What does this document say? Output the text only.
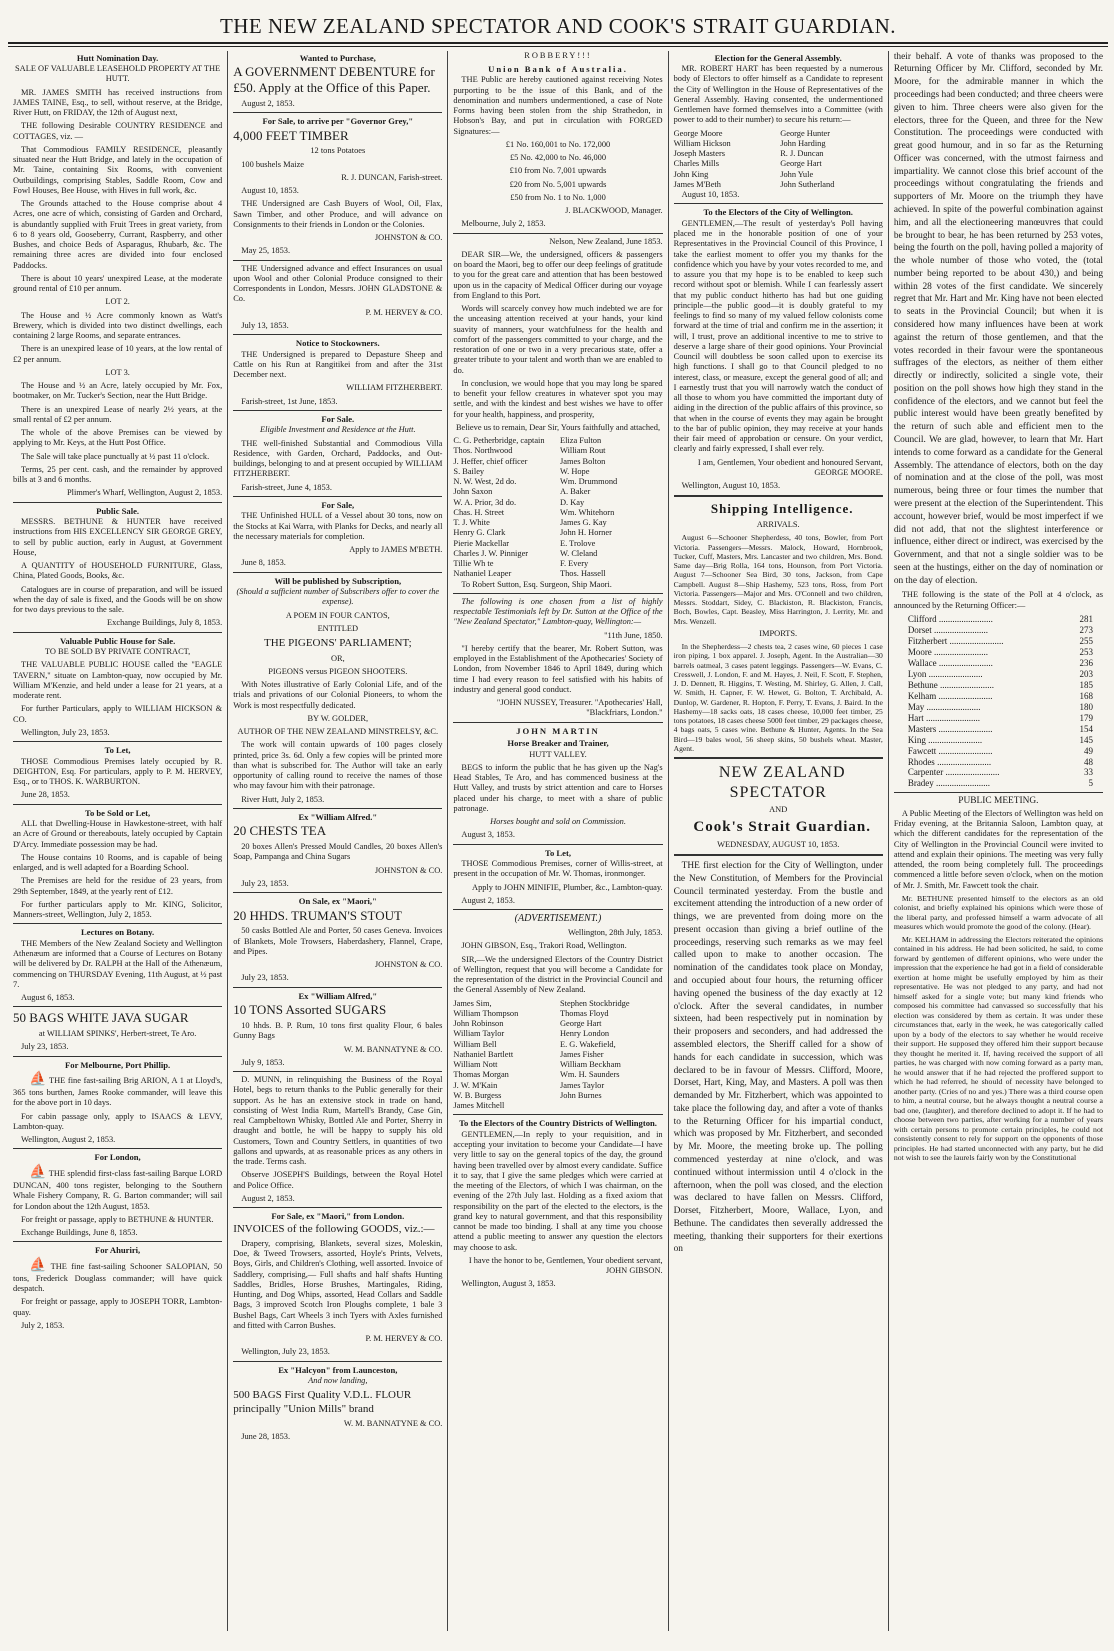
THE NEW ZEALAND SPECTATOR AND COOK'S STRAIT GUARDIAN.
Hutt Nomination Day.

SALE OF VALUABLE LEASEHOLD PROPERTY AT THE HUTT.

MR. JAMES SMITH has received instructions from JAMES TAINE, Esq., to sell, without reserve, at the Bridge, River Hutt, on FRIDAY, the 12th of August next,

THE following Desirable COUNTRY RESIDENCE and COTTAGES, viz. —

That Commodious FAMILY RESIDENCE, pleasantly situated near the Hutt Bridge, and lately in the occupation of Mr. Taine, containing Six Rooms, with convenient Outbuildings, comprising Stables, Saddle Room, Cow and Fowl Houses, Bee House, with Hives in full work, &c.

The Grounds attached to the House comprise about 4 Acres, one acre of which, consisting of Garden and Orchard, is abundantly supplied with Fruit Trees in great variety, from 6 to 8 years old, Gooseberry, Currant, Raspberry, and other Bushes, and choice Beds of Asparagus, Rhubarb, &c. The remaining three acres are divided into four enclosed Paddocks.

There is about 10 years' unexpired Lease, at the moderate ground rental of £10 per annum.

LOT 2.

The House and ½ Acre commonly known as Watt's Brewery, which is divided into two distinct dwellings, each containing 2 large Rooms, and separate entrances.

There is an unexpired lease of 10 years, at the low rental of £2 per annum.

LOT 3.

The House and ½ an Acre, lately occupied by Mr. Fox, bootmaker, on Mr. Tucker's Section, near the Hutt Bridge.

There is an unexpired Lease of nearly 2½ years, at the small rental of £2 per annum.

The whole of the above Premises can be viewed by applying to Mr. Keys, at the Hutt Post Office.

The Sale will take place punctually at ½ past 11 o'clock.

Terms, 25 per cent. cash, and the remainder by approved bills at 3 and 6 months.

Plimmer's Wharf, Wellington, August 2, 1853.

Public Sale.

MESSRS. BETHUNE & HUNTER have received instructions from HIS EXCELLENCY SIR GEORGE GREY, to sell by public auction, early in August, at Government House,

A QUANTITY of HOUSEHOLD FURNITURE, Glass, China, Plated Goods, Books, &c.

Catalogues are in course of preparation, and will be issued when the day of sale is fixed, and the Goods will be on show for two days previous to the sale.

Exchange Buildings, July 8, 1853.

Valuable Public House for Sale.

TO BE SOLD BY PRIVATE CONTRACT,

THE VALUABLE PUBLIC HOUSE called the "EAGLE TAVERN," situate on Lambton-quay, now occupied by Mr. William M'Kenzie, and held under a lease for 21 years, at a moderate rent.

For further Particulars, apply to WILLIAM HICKSON & CO.

Wellington, July 23, 1853.

To Let,

THOSE Commodious Premises lately occupied by R. DEIGHTON, Esq. For particulars, apply to P. M. HERVEY, Esq., or to THOS. K. WARBURTON.

June 28, 1853.

To be Sold or Let,

ALL that Dwelling-House in Hawkestone-street, with half an Acre of Ground or thereabouts, lately occupied by Captain D'Arcy. Immediate possession may be had.

The House contains 10 Rooms, and is capable of being enlarged, and is well adapted for a Boarding School.

The Premises are held for the residue of 23 years, from 29th September, 1849, at the yearly rent of £12.

For further particulars apply to Mr. KING, Solicitor, Manners-street, Wellington, July 2, 1853.

Lectures on Botany.

THE Members of the New Zealand Society and Wellington Athenæum are informed that a Course of Lectures on Botany will be delivered by Dr. RALPH at the Hall of the Athenæum, commencing on THURSDAY Evening, 11th August, at ½ past 7.

August 6, 1853.

50 BAGS WHITE JAVA SUGAR

at WILLIAM SPINKS', Herbert-street, Te Aro.

July 23, 1853.

For Melbourne, Port Phillip.

⛵ THE fine fast-sailing Brig ARION, A 1 at Lloyd's, 365 tons burthen, James Rooke commander, will leave this for the above port in 10 days.

For cabin passage only, apply to ISAACS & LEVY, Lambton-quay.

Wellington, August 2, 1853.

For London,

⛵ THE splendid first-class fast-sailing Barque LORD DUNCAN, 400 tons register, belonging to the Southern Whale Fishery Company, R. G. Barton commander; will sail for London about the 12th August, 1853.

For freight or passage, apply to BETHUNE & HUNTER.

Exchange Buildings, June 8, 1853.

For Ahuriri,

⛵ THE fine fast-sailing Schooner SALOPIAN, 50 tons, Frederick Douglass commander; will have quick despatch.

For freight or passage, apply to JOSEPH TORR, Lambton-quay.

July 2, 1853.

Wanted to Purchase,

A GOVERNMENT DEBENTURE for £50. Apply at the Office of this Paper.

August 2, 1853.

For Sale, to arrive per "Governor Grey,"

4,000 FEET TIMBER

12 tons Potatoes

100 bushels Maize

R. J. DUNCAN, Farish-street.

August 10, 1853.

THE Undersigned are Cash Buyers of Wool, Oil, Flax, Sawn Timber, and other Produce, and will advance on Consignments to their friends in London or the Colonies.

JOHNSTON & CO.

May 25, 1853.

THE Undersigned advance and effect Insurances on usual upon Wool and other Colonial Produce consigned to their Correspondents in London, Messrs. JOHN GLADSTONE & Co.

P. M. HERVEY & CO.

July 13, 1853.

Notice to Stockowners.

THE Undersigned is prepared to Depasture Sheep and Cattle on his Run at Rangitikei from and after the 31st December next.

WILLIAM FITZHERBERT.

Farish-street, 1st June, 1853.

For Sale.

Eligible Investment and Residence at the Hutt.

THE well-finished Substantial and Commodious Villa Residence, with Garden, Orchard, Paddocks, and Out-buildings, belonging to and at present occupied by WILLIAM FITZHERBERT.

Farish-street, June 4, 1853.

For Sale,

THE Unfinished HULL of a Vessel about 30 tons, now on the Stocks at Kai Warra, with Planks for Decks, and nearly all the necessary materials for completion.

Apply to JAMES M'BETH.

June 8, 1853.

Will be published by Subscription,

(Should a sufficient number of Subscribers offer to cover the expense).

A POEM IN FOUR CANTOS,

ENTITLED

THE PIGEONS' PARLIAMENT;

OR,

PIGEONS versus PIGEON SHOOTERS.

With Notes illustrative of Early Colonial Life, and of the trials and privations of our Colonial Pioneers, to whom the Work is most respectfully dedicated.

BY W. GOLDER,

AUTHOR OF THE NEW ZEALAND MINSTRELSY, &C.

The work will contain upwards of 100 pages closely printed, price 3s. 6d. Only a few copies will be printed more than what is subscribed for. The Author will take an early opportunity of calling round to receive the names of those who may favour him with their patronage.

River Hutt, July 2, 1853.

Ex "William Alfred."

20 CHESTS TEA

20 boxes Allen's Pressed Mould Candles, 20 boxes Allen's Soap, Pampanga and China Sugars

JOHNSTON & CO.

July 23, 1853.

On Sale, ex "Maori,"

20 HHDS. TRUMAN'S STOUT

50 casks Bottled Ale and Porter, 50 cases Geneva. Invoices of Blankets, Mole Trowsers, Haberdashery, Flannel, Crape, and Pipes.

JOHNSTON & CO.

July 23, 1853.

Ex "William Alfred,"

10 TONS Assorted SUGARS

10 hhds. B. P. Rum, 10 tons first quality Flour, 6 bales Gunny Bags

W. M. BANNATYNE & CO.

July 9, 1853.

D. MUNN, in relinquishing the Business of the Royal Hotel, begs to return thanks to the Public generally for their support. As he has an extensive stock in trade on hand, consisting of West India Rum, Martell's Brandy, Case Gin, real Campbeltown Whisky, Bottled Ale and Porter, Sherry in draught and bottle, he will be happy to supply his old Customers, Town and Country Settlers, in quantities of two gallons and upwards, at as reasonable prices as any others in the trade. Terms cash.

Observe JOSEPH'S Buildings, between the Royal Hotel and Police Office.

August 2, 1853.

For Sale, ex "Maori," from London.

INVOICES of the following GOODS, viz.:—

Drapery, comprising, Blankets, several sizes, Moleskin, Doe, & Tweed Trowsers, assorted, Hoyle's Prints, Velvets, Boys, Girls, and Children's Clothing, well assorted. Invoice of Saddlery, comprising,— Full shafts and half shafts Hunting Saddles, Bridles, Horse Brushes, Martingales, Riding, Hunting, and Dog Whips, assorted, Head Collars and Saddle Bags, 3 improved Scotch Iron Ploughs complete, 1 bale 3 Bushel Bags, Cart Wheels 3 inch Tyers with Axles furnished and fitted with Carron Bushes.

P. M. HERVEY & CO.

Wellington, July 23, 1853.

Ex "Halcyon" from Launceston,

And now landing,

500 BAGS First Quality V.D.L. FLOUR principally "Union Mills" brand

W. M. BANNATYNE & CO.

June 28, 1853.

ROBBERY!!!

Union Bank of Australia.

THE Public are hereby cautioned against receiving Notes purporting to be the issue of this Bank, and of the denomination and numbers undermentioned, a case of Note Forms having been stolen from the ship Strathedon, in Hobson's Bay, and put in circulation with FORGED Signatures:—

£1 No. 160,001 to No. 172,000

£5 No. 42,000 to No. 46,000

£10 from No. 7,001 upwards

£20 from No. 5,001 upwards

£50 from No. 1 to No. 1,000

J. BLACKWOOD, Manager.

Melbourne, July 2, 1853.

Nelson, New Zealand, June 1853.

DEAR SIR—We, the undersigned, officers & passengers on board the Maori, beg to offer our deep feelings of gratitude to you for the great care and attention that has been bestowed upon us in the capacity of Medical Officer during our voyage from England to this Port.

Words will scarcely convey how much indebted we are for the unceasing attention received at your hands, your kind suavity of manners, your watchfulness for the health and comfort of the passengers committed to your charge, and the restoration of one or two in a very precarious state, offer a greater tribute to your talent and worth than we are enabled to do.

In conclusion, we would hope that you may long be spared to benefit your fellow creatures in whatever spot you may settle, and with the kindest and best wishes we have to offer for your health, happiness, and prosperity,

Believe us to remain, Dear Sir, Yours faithfully and attached,

C. G. Petherbridge, captain
Thos. Northwood
J. Heffer, chief officer
S. Bailey
N. W. West, 2d do.
John Saxon
W. A. Prior, 3d do.
Chas. H. Street
T. J. White
Henry G. Clark
Pierie Mackellar
Charles J. W. Pinniger
Tillie Wh te
Nathaniel Leaper
Eliza Fulton
William Rout
James Bolton
W. Hope
Wm. Drummond
A. Baker
D. Kay
Wm. Whitehorn
James G. Kay
John H. Horner
E. Trolove
W. Cleland
F. Every
Thos. Hassell

To Robert Sutton, Esq. Surgeon, Ship Maori.

The following is one chosen from a list of highly respectable Testimonials left by Dr. Sutton at the Office of the "New Zealand Spectator," Lambton-quay, Wellington:—

"11th June, 1850.

"I hereby certify that the bearer, Mr. Robert Sutton, was employed in the Establishment of the Apothecaries' Society of London, from November 1846 to April 1849, during which time I had every reason to feel satisfied with his habits of industry and general good conduct.

"JOHN NUSSEY, Treasurer. "Apothecaries' Hall, "Blackfriars, London."

JOHN MARTIN
Horse Breaker and Trainer,

HUTT VALLEY.

BEGS to inform the public that he has given up the Nag's Head Stables, Te Aro, and has commenced business at the Hutt Valley, and trusts by strict attention and care to Horses placed under his charge, to meet with a share of public patronage.

Horses bought and sold on Commission.

August 3, 1853.

To Let,

THOSE Commodious Premises, corner of Willis-street, at present in the occupation of Mr. W. Thomas, ironmonger.

Apply to JOHN MINIFIE, Plumber, &c., Lambton-quay.

August 2, 1853.

(ADVERTISEMENT.)

Wellington, 28th July, 1853.

JOHN GIBSON, Esq., Trakori Road, Wellington.

SIR,—We the undersigned Electors of the Country District of Wellington, request that you will become a Candidate for the representation of the district in the Provincial Council and the General Assembly of New Zealand.

James Sim,
William Thompson
John Robinson
William Taylor
William Bell
Nathaniel Bartlett
William Nott
Thomas Morgan
J. W. M'Kain
W. B. Burgess
James Mitchell
Stephen Stockbridge
Thomas Floyd
George Hart
Henry London
E. G. Wakefield,
James Fisher
William Beckham
Wm. H. Saunders
James Taylor
John Burnes

To the Electors of the Country Districts of Wellington.

GENTLEMEN,—In reply to your requisition, and in accepting your invitation to become your Candidate—I have very little to say on the general topics of the day, the ground having been travelled over by almost every candidate. Suffice it to say, that I give the same pledges which were carried at the meeting of the Electors, of which I was chairman, on the evening of the 27th July last. Holding as a fixed axiom that responsibility on the part of the elected to the electors, is the grand key to natural government, and that this responsibility cannot be made too binding. I shall at any time you choose attend a public meeting to answer any question the electors may choose to ask.

I have the honor to be, Gentlemen, Your obedient servant, JOHN GIBSON.

Wellington, August 3, 1853.

Election for the General Assembly.

MR. ROBERT HART has been requested by a numerous body of Electors to offer himself as a Candidate to represent the City of Wellington in the House of Representatives of the General Assembly. Having consented, the undermentioned Gentlemen have formed themselves into a Committee (with power to add to their number) to secure his return:—

George Moore
William Hickson
Joseph Masters
Charles Mills
John King
James M'Beth
George Hunter
John Harding
R. J. Duncan
George Hart
John Yule
John Sutherland

August 10, 1853.

To the Electors of the City of Wellington.

GENTLEMEN,—The result of yesterday's Poll having placed me in the honorable position of one of your Representatives in the Provincial Council of this Province, I take the earliest moment to offer you my thanks for the confidence which you have by your votes recorded to me, and to assure you that my hope is to be enabled to keep such record without spot or blemish. While I can fearlessly assert that my public conduct hitherto has had but one guiding principle—the public good—it is doubly grateful to my feelings to find so many of my valued fellow colonists come forward at the time of trial and confirm me in the assertion; it will, I trust, prove an additional incentive to me to strive to deserve a large share of their good opinions. Your Provincial Council will doubtless be soon called upon to exercise its high functions. I shall go to that Council pledged to no interest, class, or measure, except the general good of all; and I earnestly trust that you will narrowly watch the conduct of all those to whom you have committed the important duty of aiding in the direction of the public affairs of this province, so that when in the course of events they may again be brought to the bar of public opinion, they may receive at your hands their fair meed of approbation or censure. On your verdict, clearly and fairly expressed, I shall ever rely.

I am, Gentlemen, Your obedient and honoured Servant, GEORGE MOORE.

Wellington, August 10, 1853.

Shipping Intelligence.

ARRIVALS.

August 6—Schooner Shepherdess, 40 tons, Bowler, from Port Victoria. Passengers—Messrs. Malock, Howard, Hornbrook, Tucker, Cuff, Masters, Mrs. Lancaster and two children, Mrs. Bond. Same day—Brig Rolla, 164 tons, Hounson, from Port Victoria. August 7—Schooner Sea Bird, 30 tons, Jackson, from Cape Campbell. August 8—Ship Hashemy, 523 tons, Ross, from Port Victoria. Passengers—Major and Mrs. O'Connell and two children, Messrs. Stoddart, Sidey, C. Blackiston, R. Blackiston, Francis, Boch, Bowles, Capt. Beasley, Miss Harrington, J. Lerrity, Mr. and Mrs. Wenzell.

IMPORTS.

In the Shepherdess—2 chests tea, 2 cases wine, 60 pieces 1 case iron piping, 1 box apparel. J. Joseph, Agent. In the Australian—30 barrels oatmeal, 3 cases patent leggings. Passengers—W. Evans, C. Cresswell, J. London, F. and M. Hayes, J. Neil, F. Scott, F. Stephen, J. D. Dennett, R. Higgins, T. Westing, M. Shirley, G. Allen, J. Call, W. Smith, H. Capner, F. W. Hewet, G. Bolton, T. Archibald, A. Dunlop, W. Gardener, R. Hopton, F. Perry, T. Evans, J. Baird. In the Hashemy—18 sacks oats, 18 cases cheese, 10,000 feet timber, 25 tons potatoes, 18 cases cheese 5000 feet timber, 29 packages cheese, 4 bags oats, 5 cases wine. Bethune & Hunter, Agents. In the Sea Bird—19 bales wool, 56 sheep skins, 50 bushels wheat. Master, Agent.

NEW ZEALAND SPECTATOR

AND

Cook's Strait Guardian.

WEDNESDAY, AUGUST 10, 1853.

THE first election for the City of Wellington, under the New Constitution, of Members for the Provincial Council terminated yesterday. From the bustle and excitement attending the introduction of a new order of things, we are prevented from doing more on the present occasion than giving a brief outline of the proceedings, reserving such remarks as we may feel called upon to make to another occasion. The nomination of the candidates took place on Monday, and occupied about four hours, the returning officer having opened the business of the day exactly at 12 o'clock. After the several candidates, in number sixteen, had been respectively put in nomination by their proposers and seconders, and had addressed the assembled electors, the Sheriff called for a show of hands for each candidate in succession, which was declared to be in favour of Messrs. Clifford, Moore, Dorset, Hart, King, May, and Masters. A poll was then demanded by Mr. Fitzherbert, which was appointed to take place the following day, and after a vote of thanks to the Returning Officer for his impartial conduct, which was proposed by Mr. Fitzherbert, and seconded by Mr. Moore, the meeting broke up. The polling commenced yesterday at nine o'clock, and was continued without intermission until 4 o'clock in the afternoon, when the poll was closed, and the election was declared to have fallen on Messrs. Clifford, Dorset, Fitzherbert, Moore, Wallace, Lyon, and Bethune. The candidates then severally addressed the meeting, thanking their supporters for their exertions on

their behalf. A vote of thanks was proposed to the Returning Officer by Mr. Clifford, seconded by Mr. Moore, for the admirable manner in which the proceedings had been conducted; and three cheers were given to him. Three cheers were also given for the electors, three for the Queen, and three for the New Constitution. The proceedings were conducted with great good humour, and in so far as the Returning Officer was concerned, with the utmost fairness and impartiality. We cannot close this brief account of the proceedings without congratulating the friends and supporters of Mr. Moore on the triumph they have achieved. In spite of the powerful combination against him, and all the electioneering manœuvres that could be brought to bear, he has been returned by 253 votes, being the fourth on the poll, having polled a majority of the whole number of those who voted, the (total number being reported to be about 430,) and being within 28 votes of the first candidate. We sincerely regret that Mr. Hart and Mr. King have not been elected to seats in the Provincial Council; but when it is considered how many influences have been at work against the return of those gentlemen, and that the votes recorded in their favour were the spontaneous suffrages of the electors, as neither of them either directly or indirectly, solicited a single vote, their position on the poll shows how high they stand in the confidence of the electors, and we cannot but feel the public interest would have been greatly benefited by the return of such able and efficient men to the Council. We are glad, however, to learn that Mr. Hart intends to come forward as a candidate for the General Assembly. The attendance of electors, both on the day of nomination and at the close of the poll, was most numerous, being three or four times the number that were present at the election of the Superintendent. This account, however brief, would be most imperfect if we did not add, that not the slightest interference or influence, either direct or indirect, was exercised by the Government, and that not a single soldier was to be seen at the hustings, either on the day of nomination or on the day of election.

THE following is the state of the Poll at 4 o'clock, as announced by the Returning Officer:—

Clifford ........................	281
Dorset ........................	273
Fitzherbert ........................	255
Moore ........................	253
Wallace ........................	236
Lyon ........................	203
Bethune ........................	185
Kelham ........................	168
May ........................	180
Hart ........................	179
Masters ........................	154
King ........................	145
Fawcett ........................	49
Rhodes ........................	48
Carpenter ........................	33
Bradey ........................	5
PUBLIC MEETING.

A Public Meeting of the Electors of Wellington was held on Friday evening, at the Britannia Saloon, Lambton quay, at which the different candidates for the representation of the City of Wellington in the Provincial Council were invited to attend and explain their opinions. The meeting was very fully attended, the room being completely full. The proceedings commenced a little before seven o'clock, when on the motion of Mr. J. Smith, Mr. Fawcett took the chair.

Mr. BETHUNE presented himself to the electors as an old colonist, and briefly explained his opinions which were those of the liberal party, and professed himself a warm advocate of all measures which would promote the good of the colony. (Hear).

Mr. KELHAM in addressing the Electors reiterated the opinions contained in his address. He had been solicited, he said, to come forward by gentlemen of different opinions, who were under the impression that the experience he had got in a field of considerable exertion at home might be usefully employed by him as their representative. He was not pledged to any party, and had not himself asked for a single vote; but many kind friends who composed his committee had canvassed so successfully that his election was considered by them as certain. It was under these circumstances that, early in the week, he was categorically called upon by a body of the electors to say whether he would receive their support. He supposed they offered him their support because they thought he merited it. If, having received the support of all parties, he was charged with now coming forward as a party man, he would answer that if he had rejected the proffered support to which he had referred, he should of necessity have belonged to another party. (Cries of no and yes.) There was a third course open to him, a neutral course, but he always thought a neutral course a bad one, (laughter), and therefore declined to adopt it. If he had to choose between two parties, after working for a number of years with certain persons to promote certain principles, he could not consistently consent to rely for support on the opponents of those principles. He had started unconnected with any party, but he did not wish to see the laurels fairly won by the Constitutional
